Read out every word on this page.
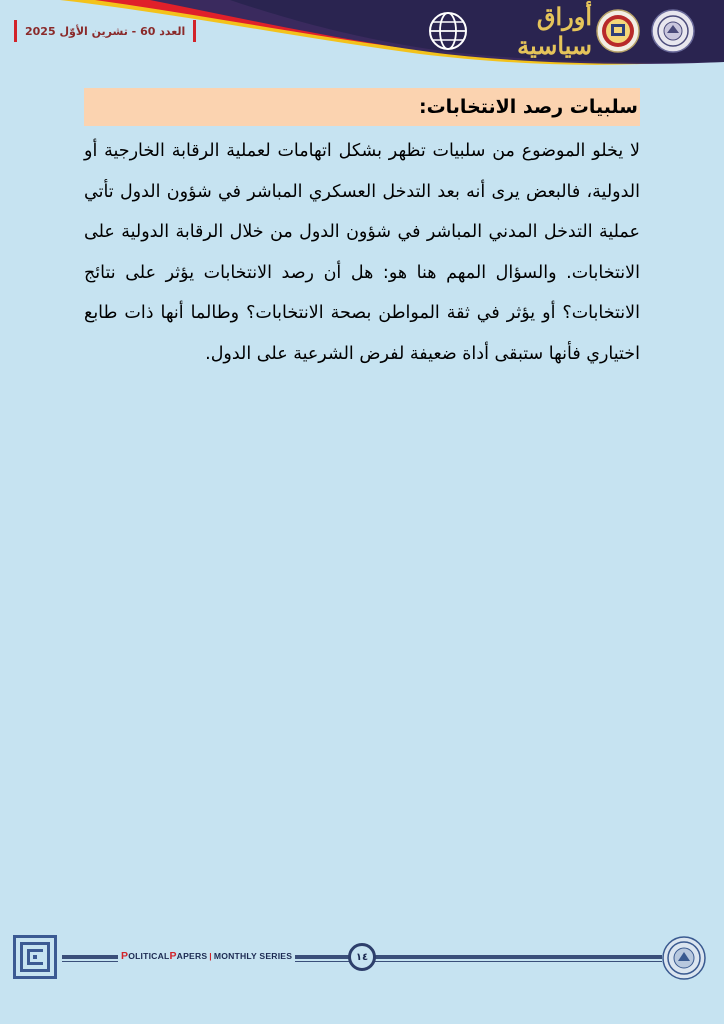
العدد 60 - تشرين الأوّل 2025	أوراق سياسية
سلبيات رصد الانتخابات:

لا يخلو الموضوع من سلبيات تظهر بشكل اتهامات لعملية الرقابة الخارجية أو الدولية، فالبعض يرى أنه بعد التدخل العسكري المباشر في شؤون الدول تأتي عملية التدخل المدني المباشر في شؤون الدول من خلال الرقابة الدولية على الانتخابات. والسؤال المهم هنا هو: هل أن رصد الانتخابات يؤثر على نتائج الانتخابات؟ أو يؤثر في ثقة المواطن بصحة الانتخابات؟ وطالما أنها ذات طابع اختياري فأنها ستبقى أداة ضعيفة لفرض الشرعية على الدول.

P OLITICAL P APERS | MONTHLY SERIES	١٤
